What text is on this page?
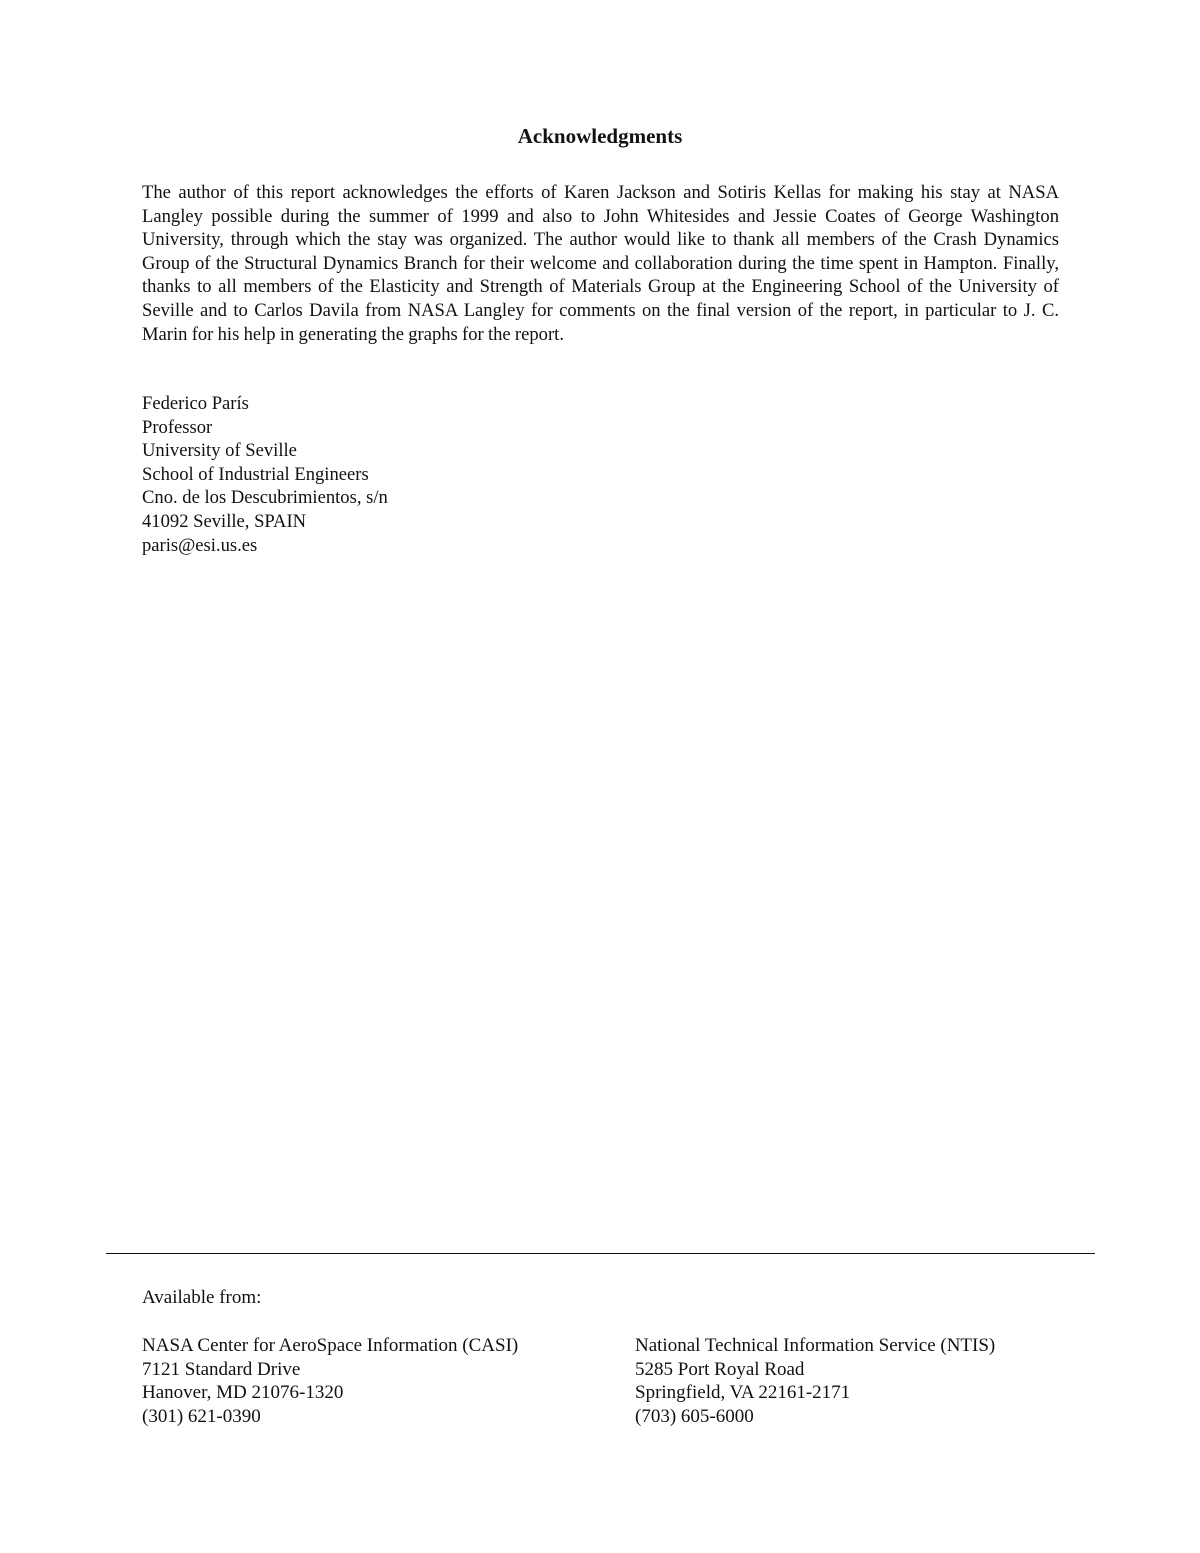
Acknowledgments

The author of this report acknowledges the efforts of Karen Jackson and Sotiris Kellas for making his stay at NASA Langley possible during the summer of 1999 and also to John Whitesides and Jessie Coates of George Washington University, through which the stay was organized. The author would like to thank all members of the Crash Dynamics Group of the Structural Dynamics Branch for their welcome and collaboration during the time spent in Hampton. Finally, thanks to all members of the Elasticity and Strength of Materials Group at the Engineering School of the University of Seville and to Carlos Davila from NASA Langley for comments on the final version of the report, in particular to J. C. Marin for his help in generating the graphs for the report.

Federico París
Professor
University of Seville
School of Industrial Engineers
Cno. de los Descubrimientos, s/n
41092 Seville, SPAIN
paris@esi.us.es
Available from:
NASA Center for AeroSpace Information (CASI)
7121 Standard Drive
Hanover, MD 21076-1320
(301) 621-0390
National Technical Information Service (NTIS)
5285 Port Royal Road
Springfield, VA 22161-2171
(703) 605-6000
